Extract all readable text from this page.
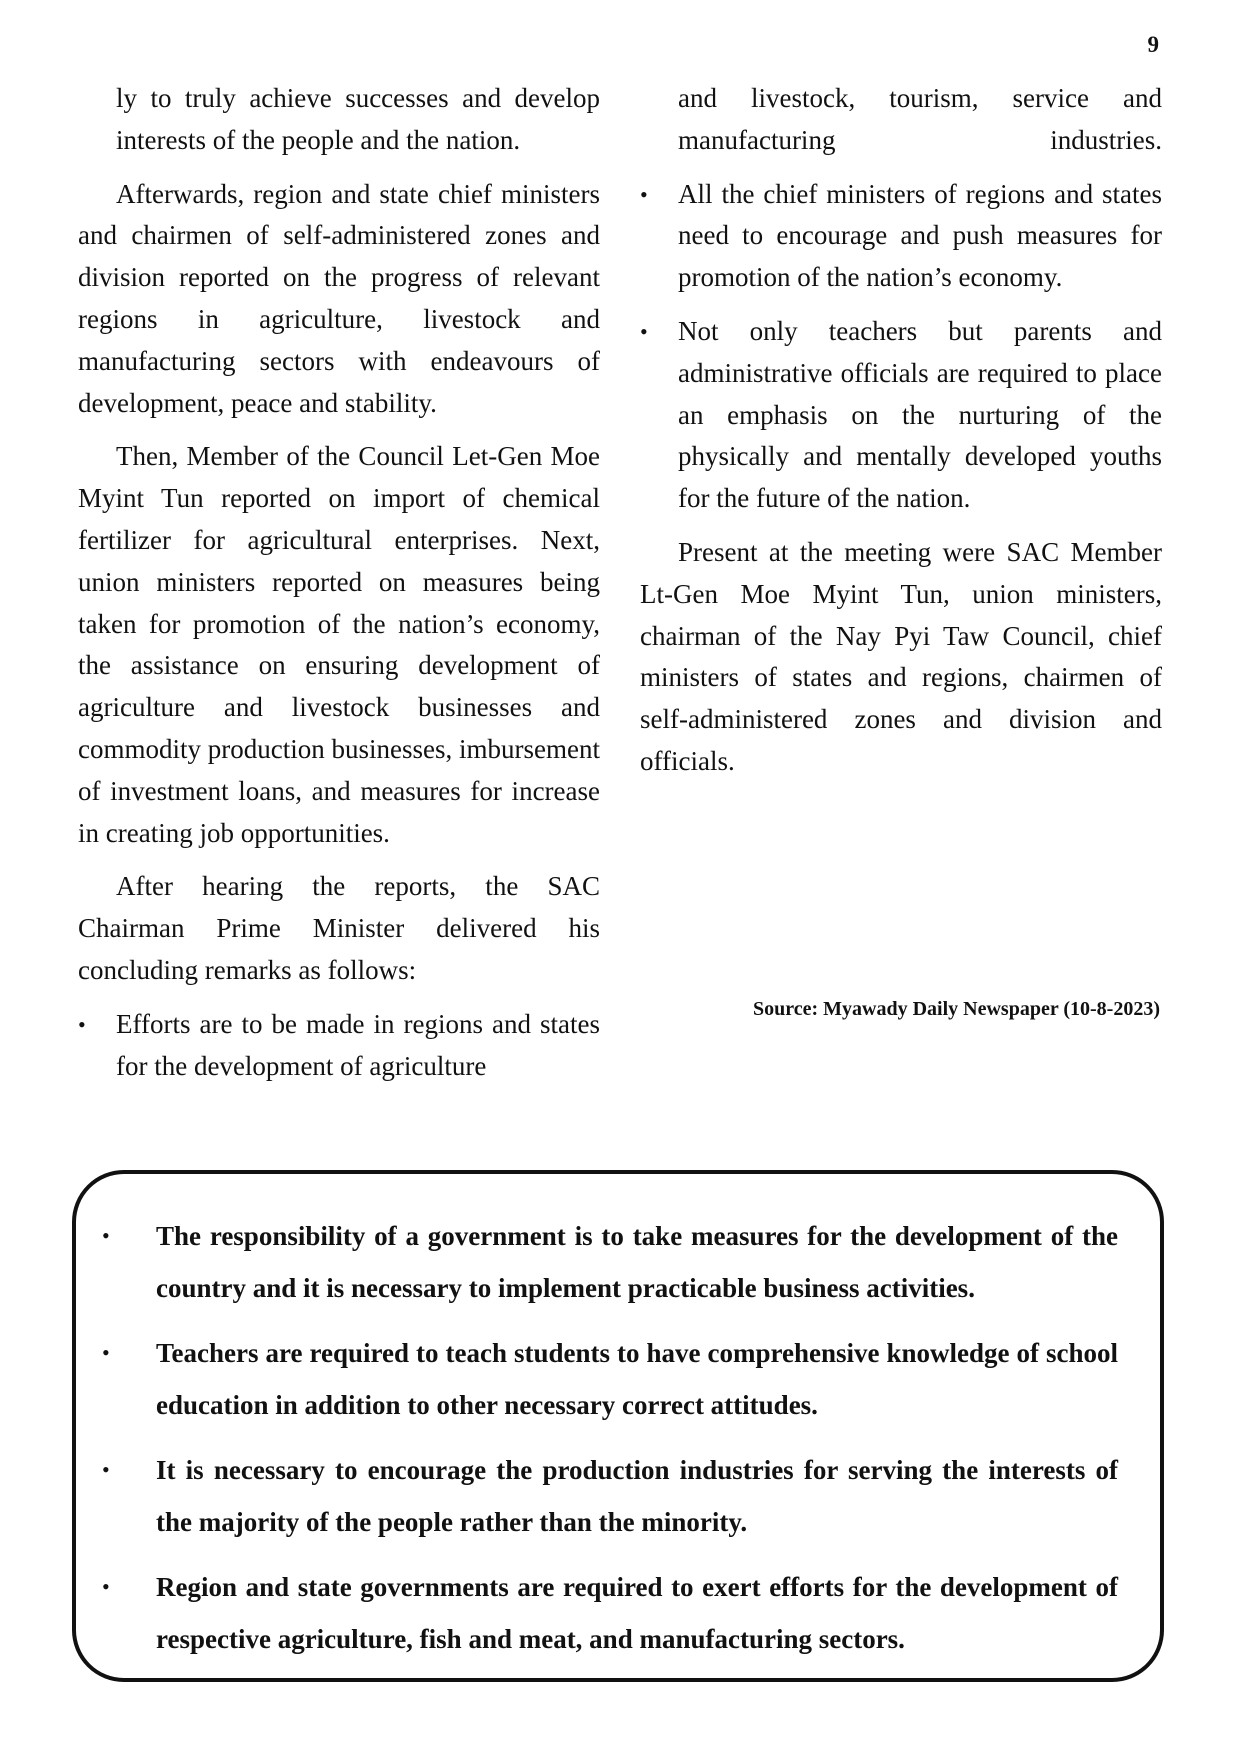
9

ly to truly achieve successes and develop interests of the people and the nation.

Afterwards, region and state chief ministers and chairmen of self-administered zones and division reported on the progress of relevant regions in agriculture, livestock and manufacturing sectors with endeavours of development, peace and stability.

Then, Member of the Council Let-Gen Moe Myint Tun reported on import of chemical fertilizer for agricultural enterprises. Next, union ministers reported on measures being taken for promotion of the nation’s economy, the assistance on ensuring development of agriculture and livestock businesses and commodity production businesses, imbursement of investment loans, and measures for increase in creating job opportunities.

After hearing the reports, the SAC Chairman Prime Minister delivered his concluding remarks as follows:

•	Efforts are to be made in regions and states for the development of agriculture
and livestock, tourism, service and manufacturing industries.
•	All the chief ministers of regions and states need to encourage and push measures for promotion of the nation’s economy.
•	Not only teachers but parents and administrative officials are required to place an emphasis on the nurturing of the physically and mentally developed youths for the future of the nation.

Present at the meeting were SAC Member Lt-Gen Moe Myint Tun, union ministers, chairman of the Nay Pyi Taw Council, chief ministers of states and regions, chairmen of self-administered zones and division and officials.

Source: Myawady Daily Newspaper (10-8-2023)
•	The responsibility of a government is to take measures for the development of the country and it is necessary to implement practicable business activities.
•	Teachers are required to teach students to have comprehensive knowledge of school education in addition to other necessary correct attitudes.
•	It is necessary to encourage the production industries for serving the interests of the majority of the people rather than the minority.
•	Region and state governments are required to exert efforts for the development of respective agriculture, fish and meat, and manufacturing sectors.
